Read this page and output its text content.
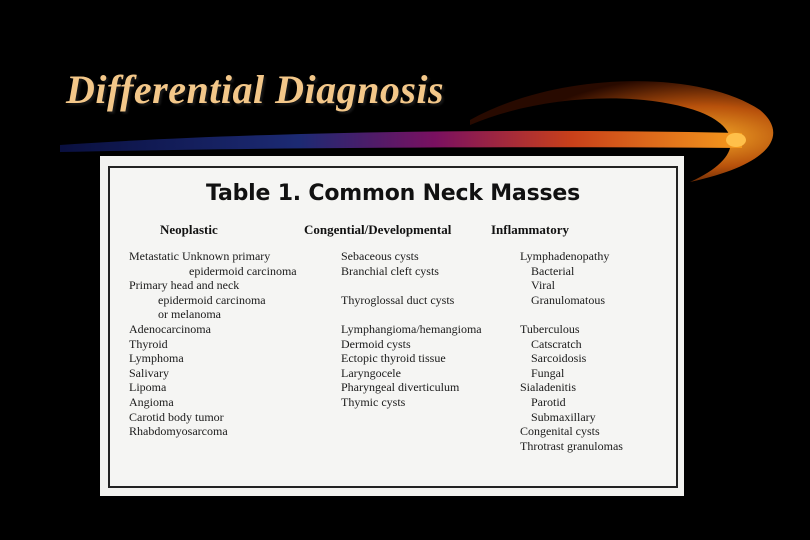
Differential Diagnosis
Table 1. Common Neck Masses
Neoplastic	Congential/Developmental	Inflammatory
Metastatic Unknown primary
epidermoid carcinoma
Primary head and neck
epidermoid carcinoma
or melanoma
Adenocarcinoma
Thyroid
Lymphoma
Salivary
Lipoma
Angioma
Carotid body tumor
Rhabdomyosarcoma
Sebaceous cysts
Branchial cleft cysts
Thyroglossal duct cysts
Lymphangioma/hemangioma
Dermoid cysts
Ectopic thyroid tissue
Laryngocele
Pharyngeal diverticulum
Thymic cysts
Lymphadenopathy
Bacterial
Viral
Granulomatous
Tuberculous
Catscratch
Sarcoidosis
Fungal
Sialadenitis
Parotid
Submaxillary
Congenital cysts
Throtrast granulomas
